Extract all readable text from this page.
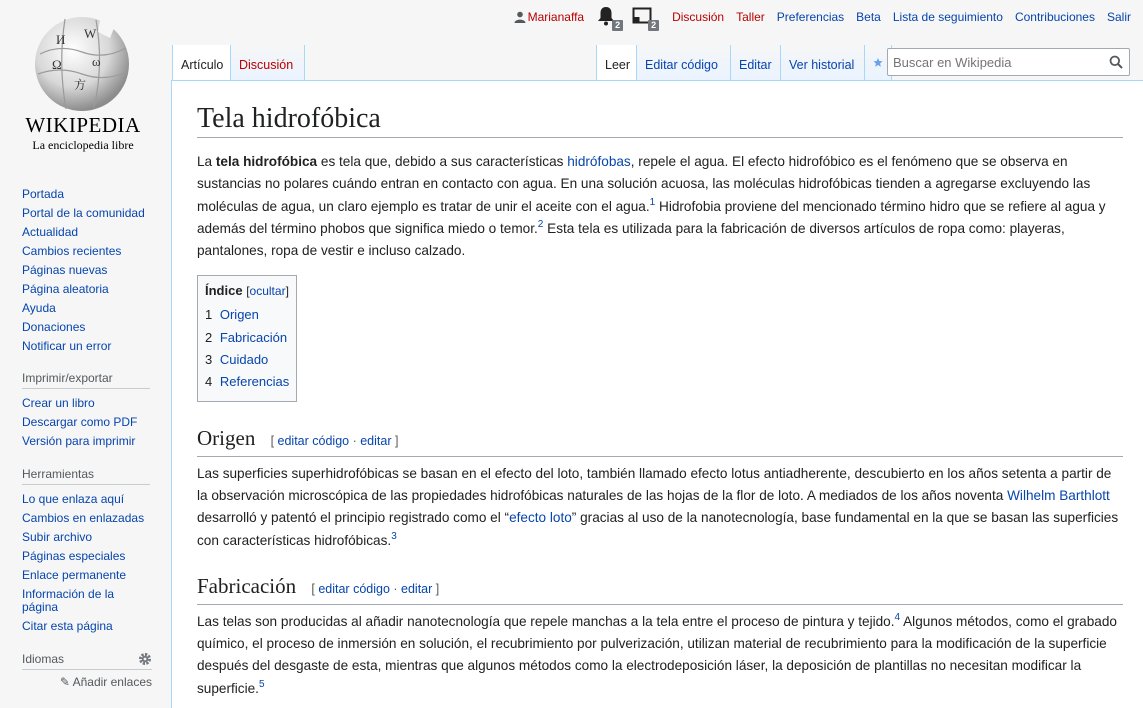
Marianaffa
2	2
Discusión Taller Preferencias Beta Lista de seguimiento Contribuciones Salir
И W
Ω ω
方
WIKIPEDIA
La enciclopedia libre
Portada
Portal de la comunidad
Actualidad
Cambios recientes
Páginas nuevas
Página aleatoria
Ayuda
Donaciones
Notificar un error
Imprimir/exportar
Crear un libro
Descargar como PDF
Versión para imprimir
Herramientas
Lo que enlaza aquí
Cambios en enlazadas
Subir archivo
Páginas especiales
Enlace permanente
Información de la página
Citar esta página
Idiomas
✎ Añadir enlaces
Artículo Discusión	Leer Editar código Editar Ver historial
Buscar en Wikipedia
Tela hidrofóbica

La tela hidrofóbica es tela que, debido a sus características hidrófobas, repele el agua. El efecto hidrofóbico es el fenómeno que se observa en sustancias no polares cuándo entran en contacto con agua. En una solución acuosa, las moléculas hidrofóbicas tienden a agregarse excluyendo las moléculas de agua, un claro ejemplo es tratar de unir el aceite con el agua.$^1$ Hidrofobia proviene del mencionado término hidro que se refiere al agua y además del término phobos que significa miedo o temor.$^2$ Esta tela es utilizada para la fabricación de diversos artículos de ropa como: playeras, pantalones, ropa de vestir e incluso calzado.

Índice [ocultar]
1 Origen
2 Fabricación
3 Cuidado
4 Referencias
Origen [ editar código · editar ]

Las superficies superhidrofóbicas se basan en el efecto del loto, también llamado efecto lotus antiadherente, descubierto en los años setenta a partir de la observación microscópica de las propiedades hidrofóbicas naturales de las hojas de la flor de loto. A mediados de los años noventa Wilhelm Barthlott desarrolló y patentó el principio registrado como el “efecto loto” gracias al uso de la nanotecnología, base fundamental en la que se basan las superficies con características hidrofóbicas.$^3$

Fabricación [ editar código · editar ]

Las telas son producidas al añadir nanotecnología que repele manchas a la tela entre el proceso de pintura y tejido.$^4$ Algunos métodos, como el grabado químico, el proceso de inmersión en solución, el recubrimiento por pulverización, utilizan material de recubrimiento para la modificación de la superficie después del desgaste de esta, mientras que algunos métodos como la electrodeposición láser, la deposición de plantillas no necesitan modificar la superficie.$^5$
